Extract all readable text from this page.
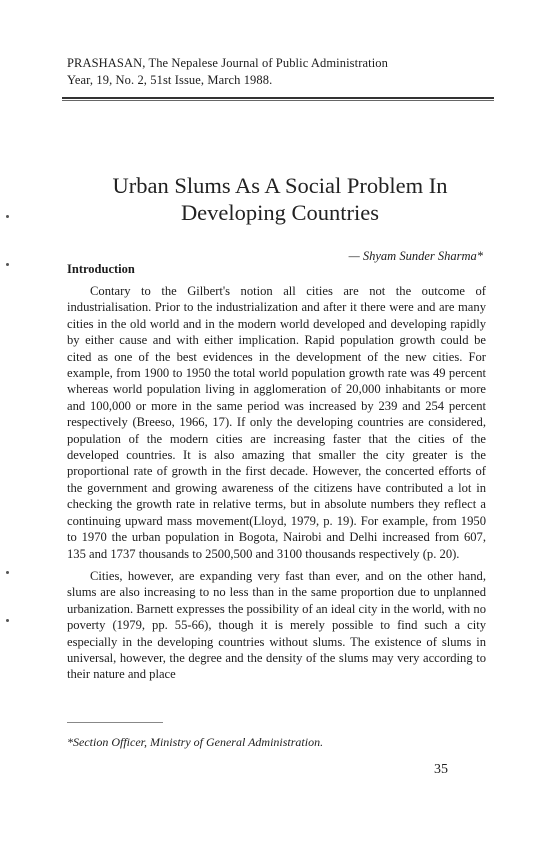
PRASHASAN, The Nepalese Journal of Public Administration
Year, 19, No. 2, 51st Issue, March 1988.
Urban Slums As A Social Problem In
Developing Countries
— Shyam Sunder Sharma*
Introduction

Contary to the Gilbert's notion all cities are not the outcome of industrialisation. Prior to the industrialization and after it there were and are many cities in the old world and in the modern world developed and developing rapidly by either cause and with either implication. Rapid population growth could be cited as one of the best evidences in the development of the new cities. For example, from 1900 to 1950 the total world population growth rate was 49 percent whereas world population living in agglomeration of 20,000 inhabitants or more and 100,000 or more in the same period was increased by 239 and 254 percent respectively (Breeso, 1966, 17). If only the developing countries are considered, population of the modern cities are increasing faster that the cities of the developed countries. It is also amazing that smaller the city greater is the proportional rate of growth in the first decade. However, the concerted efforts of the government and growing awareness of the citizens have contributed a lot in checking the growth rate in relative terms, but in absolute numbers they reflect a continuing upward mass movement(Lloyd, 1979, p. 19). For example, from 1950 to 1970 the urban population in Bogota, Nairobi and Delhi increased from 607, 135 and 1737 thousands to 2500,500 and 3100 thousands respectively (p. 20).

Cities, however, are expanding very fast than ever, and on the other hand, slums are also increasing to no less than in the same proportion due to unplanned urbanization. Barnett expresses the possibility of an ideal city in the world, with no poverty (1979, pp. 55-66), though it is merely possible to find such a city especially in the developing countries without slums. The existence of slums in universal, however, the degree and the density of the slums may very according to their nature and place

*Section Officer, Ministry of General Administration.
35
